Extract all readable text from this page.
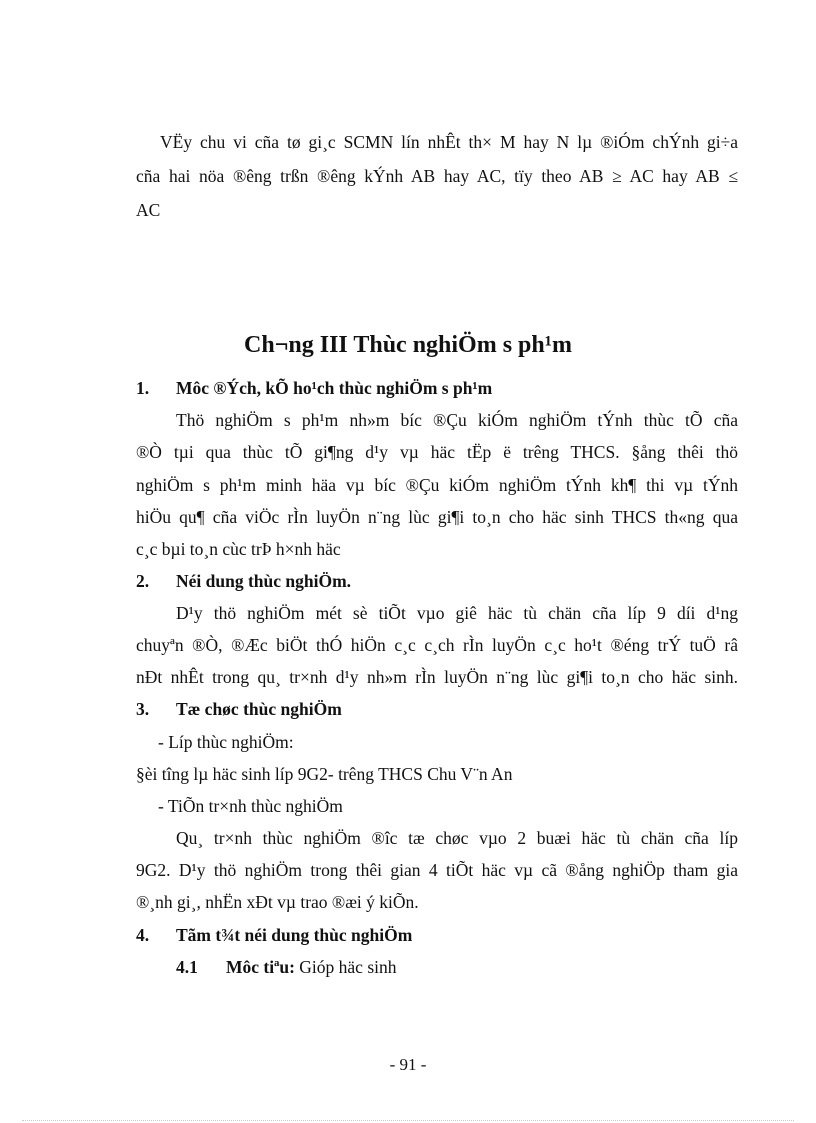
VËy chu vi cña tø gi¸c SCMN lín nhÊt th× M hay N lµ ®iÓm chÝnh gi÷a
cña hai nöa ®êng trßn ®êng kÝnh AB hay AC, tïy theo AB ≥ AC hay AB ≤
AC
Ch¬ng III Thùc nghiÖm s ph¹m
1. Môc ®Ých, kÕ ho¹ch thùc nghiÖm s ph¹m
Thö nghiÖm s ph¹m nh»m bíc ®Çu kiÓm nghiÖm tÝnh thùc tÕ cña
®Ò tµi qua thùc tÕ gi¶ng d¹y vµ häc tËp ë trêng THCS. §ång thêi thö
nghiÖm s ph¹m minh häa vµ bíc ®Çu kiÓm nghiÖm tÝnh kh¶ thi vµ tÝnh
hiÖu qu¶ cña viÖc rÌn luyÖn n¨ng lùc gi¶i to¸n cho häc sinh THCS th«ng qua
c¸c bµi to¸n cùc trÞ h×nh häc
2. Néi dung thùc nghiÖm.
D¹y thö nghiÖm mét sè tiÕt vµo giê häc tù chän cña líp 9 díi d¹ng
chuyªn ®Ò, ®Æc biÖt thÓ hiÖn c¸c c¸ch rÌn luyÖn c¸c ho¹t ®éng trÝ tuÖ râ
nÐt nhÊt trong qu¸ tr×nh d¹y nh»m rÌn luyÖn n¨ng lùc gi¶i to¸n cho häc sinh.
3. Tæ chøc thùc nghiÖm
- Líp thùc nghiÖm:
§èi tîng lµ häc sinh líp 9G2- trêng THCS Chu V¨n An
- TiÕn tr×nh thùc nghiÖm
Qu¸ tr×nh thùc nghiÖm ®îc tæ chøc vµo 2 buæi häc tù chän cña líp
9G2. D¹y thö nghiÖm trong thêi gian 4 tiÕt häc vµ cã ®ång nghiÖp tham gia
®¸nh gi¸, nhËn xÐt vµ trao ®æi ý kiÕn.
4. Tãm t¾t néi dung thùc nghiÖm
4.1 Môc tiªu: Gióp häc sinh
- 91 -
